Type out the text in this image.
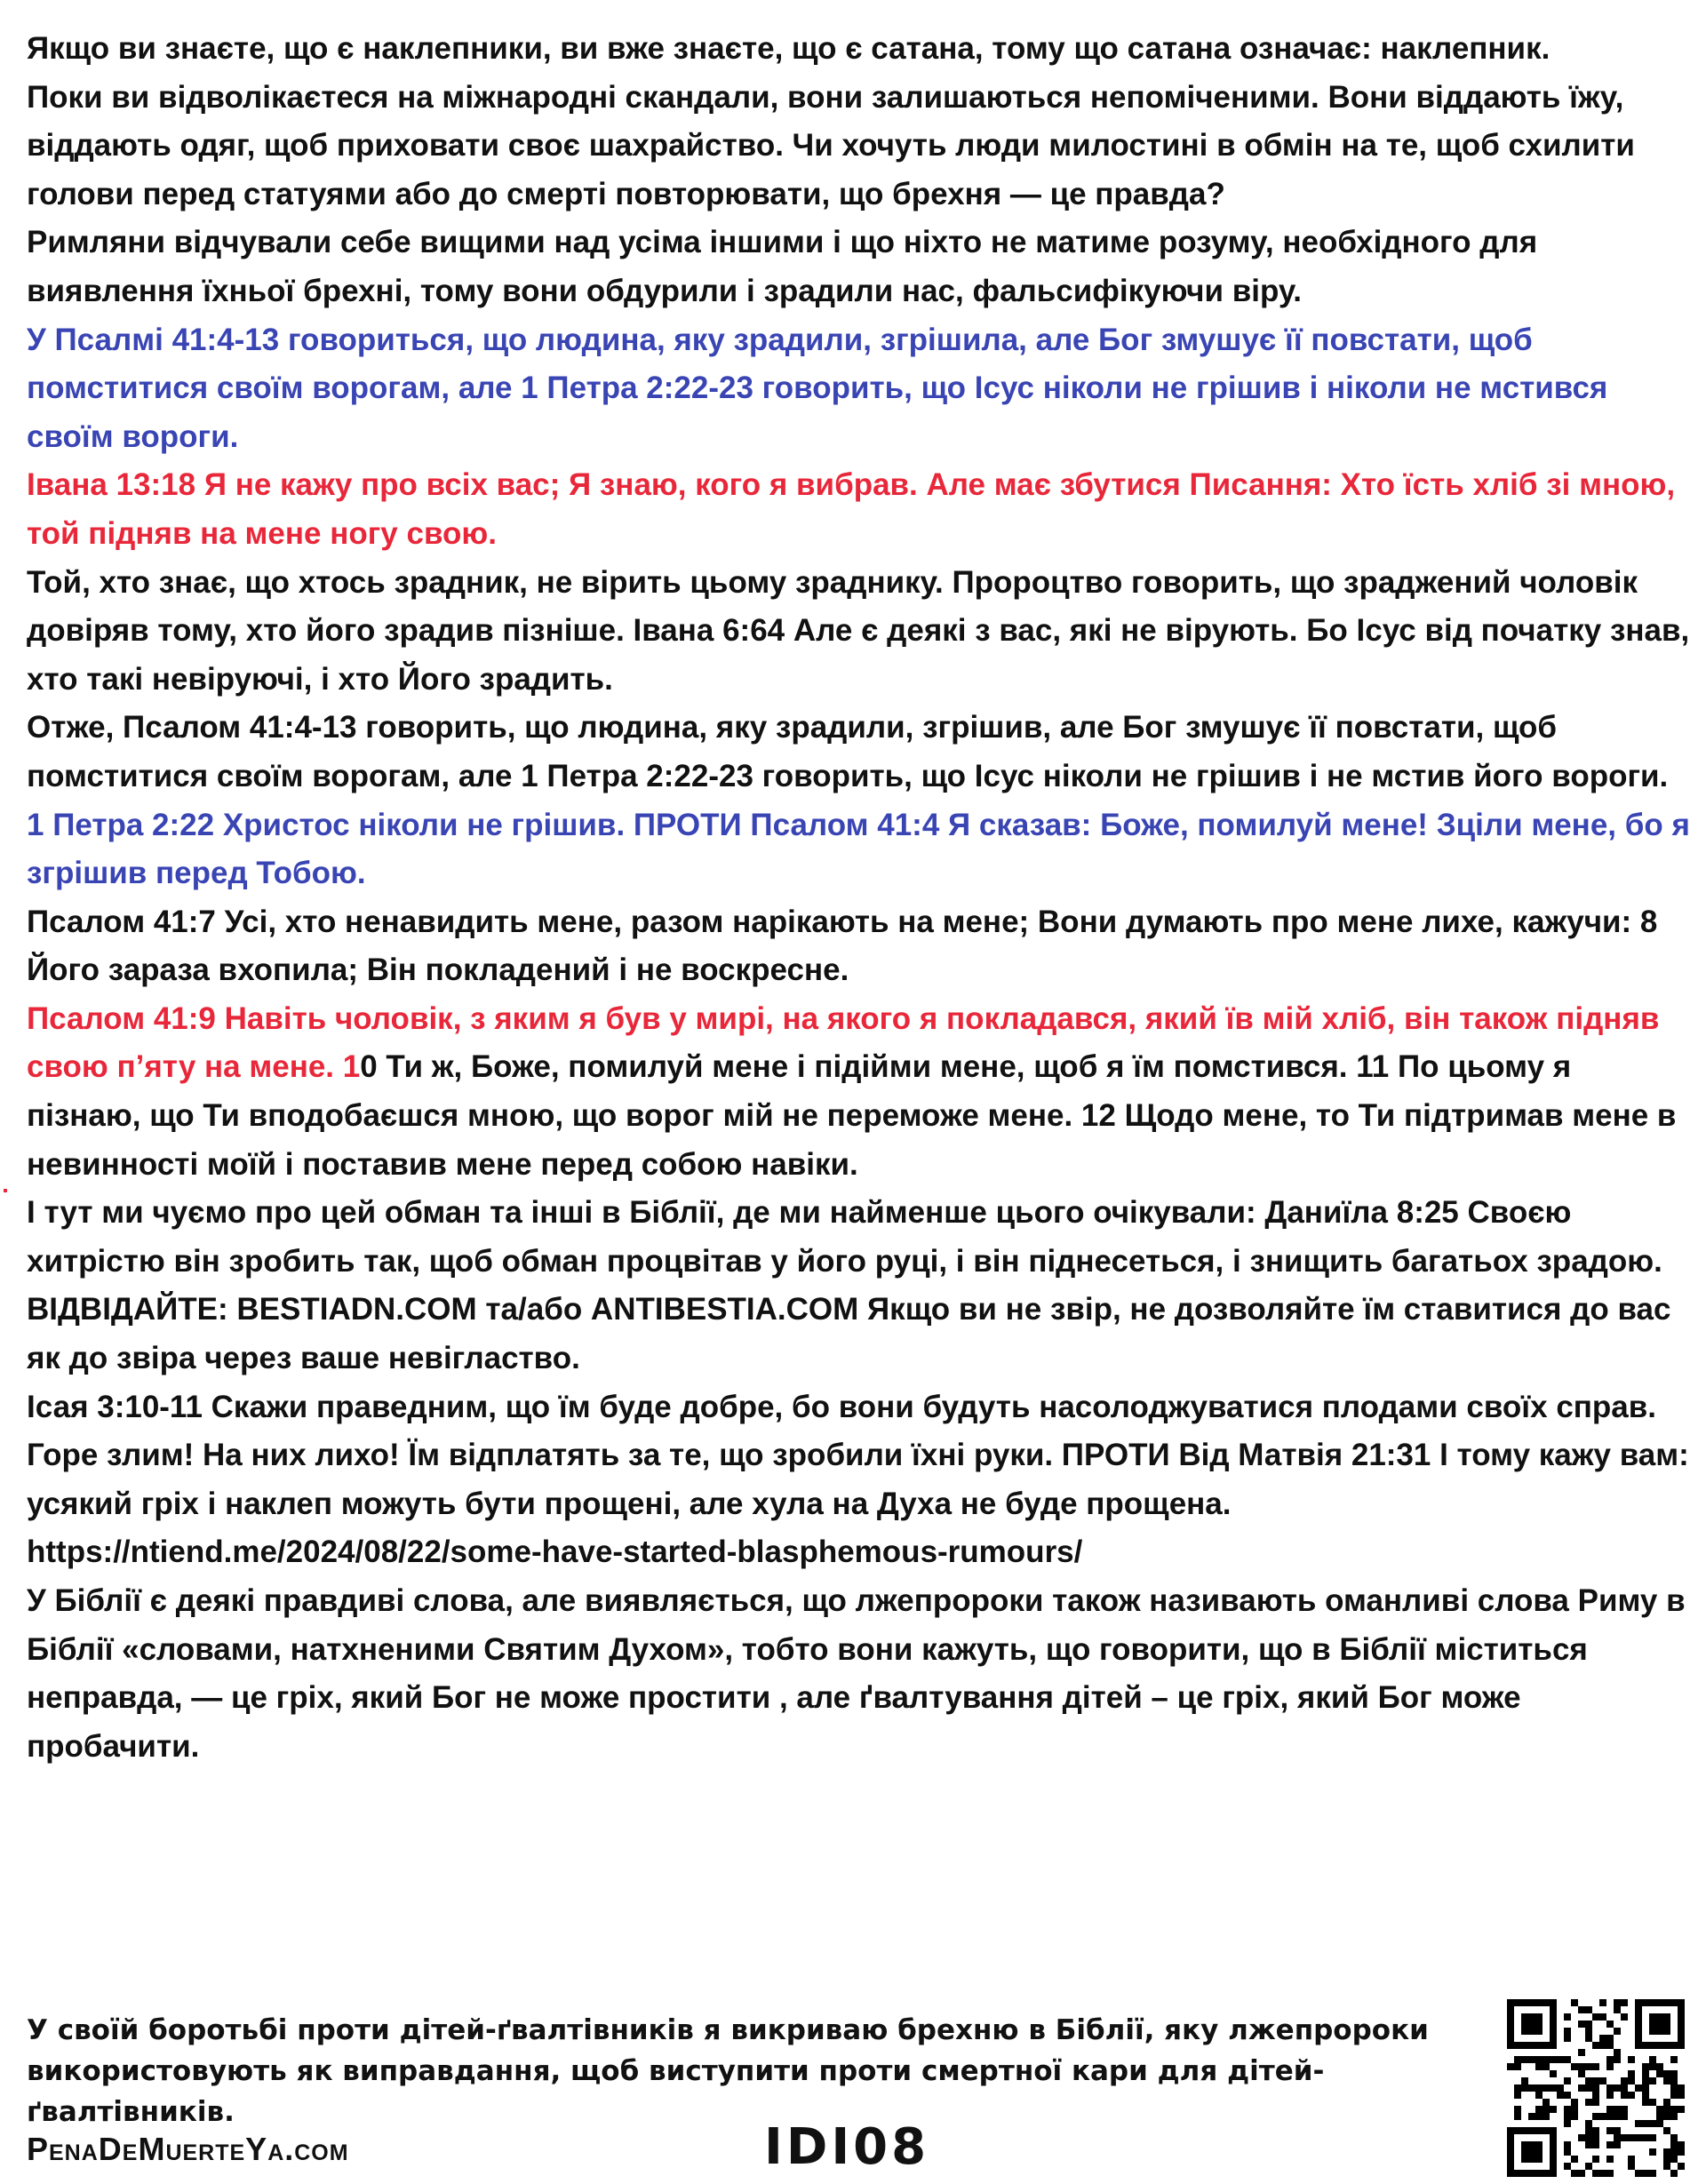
Якщо ви знаєте, що є наклепники, ви вже знаєте, що є сатана, тому що сатана означає: наклепник.

Поки ви відволікаєтеся на міжнародні скандали, вони залишаються непоміченими. Вони віддають їжу, віддають одяг, щоб приховати своє шахрайство. Чи хочуть люди милостині в обмін на те, щоб схилити голови перед статуями або до смерті повторювати, що брехня — це правда?

Римляни відчували себе вищими над усіма іншими і що ніхто не матиме розуму, необхідного для виявлення їхньої брехні, тому вони обдурили і зрадили нас, фальсифікуючи віру.

У Псалмі 41:4-13 говориться, що людина, яку зрадили, згрішила, але Бог змушує її повстати, щоб помститися своїм ворогам, але 1 Петра 2:22-23 говорить, що Ісус ніколи не грішив і ніколи не мстився своїм вороги.

Івана 13:18 Я не кажу про всіх вас; Я знаю, кого я вибрав. Але має збутися Писання: Хто їсть хліб зі мною, той підняв на мене ногу свою.

Той, хто знає, що хтось зрадник, не вірить цьому зраднику. Пророцтво говорить, що зраджений чоловік довіряв тому, хто його зрадив пізніше. Івана 6:64 Але є деякі з вас, які не вірують. Бо Ісус від початку знав, хто такі невіруючі, і хто Його зрадить.

Отже, Псалом 41:4-13 говорить, що людина, яку зрадили, згрішив, але Бог змушує її повстати, щоб помститися своїм ворогам, але 1 Петра 2:22-23 говорить, що Ісус ніколи не грішив і не мстив його вороги.

1 Петра 2:22 Христос ніколи не грішив. ПРОТИ Псалом 41:4 Я сказав: Боже, помилуй мене! Зціли мене, бо я згрішив перед Тобою.

Псалом 41:7 Усі, хто ненавидить мене, разом нарікають на мене; Вони думають про мене лихе, кажучи: 8 Його зараза вхопила; Він покладений і не воскресне.

Псалом 41:9 Навіть чоловік, з яким я був у мирі, на якого я покладався, який їв мій хліб, він також підняв свою п’яту на мене. 10 Ти ж, Боже, помилуй мене і підійми мене, щоб я їм помстився. 11 По цьому я пізнаю, що Ти вподобаєшся мною, що ворог мій не переможе мене. 12 Щодо мене, то Ти підтримав мене в невинності моїй і поставив мене перед собою навіки.

І тут ми чуємо про цей обман та інші в Біблії, де ми найменше цього очікували: Даниїла 8:25 Своєю хитрістю він зробить так, щоб обман процвітав у його руці, і він піднесеться, і знищить багатьох зрадою.

ВІДВІДАЙТЕ: BESTIADN.COM та/або ANTIBESTIA.COM Якщо ви не звір, не дозволяйте їм ставитися до вас як до звіра через ваше невігластво.

Ісая 3:10-11 Скажи праведним, що їм буде добре, бо вони будуть насолоджуватися плодами своїх справ. Горе злим! На них лихо! Їм відплатять за те, що зробили їхні руки. ПРОТИ Від Матвія 21:31 І тому кажу вам: усякий гріх і наклеп можуть бути прощені, але хула на Духа не буде прощена.

https://ntiend.me/2024/08/22/some-have-started-blasphemous-rumours/

У Біблії є деякі правдиві слова, але виявляється, що лжепророки також називають оманливі слова Риму в Біблії «словами, натхненими Святим Духом», тобто вони кажуть, що говорити, що в Біблії міститься неправда, — це гріх, який Бог не може простити , але ґвалтування дітей – це гріх, який Бог може пробачити.

У своїй боротьбі проти дітей-ґвалтівників я викриваю брехню в Біблії, яку лжепророки використовують як виправдання, щоб виступити проти смертної кари для дітей-ґвалтівників.
PenaDeMuerteYa.com	IDI08
